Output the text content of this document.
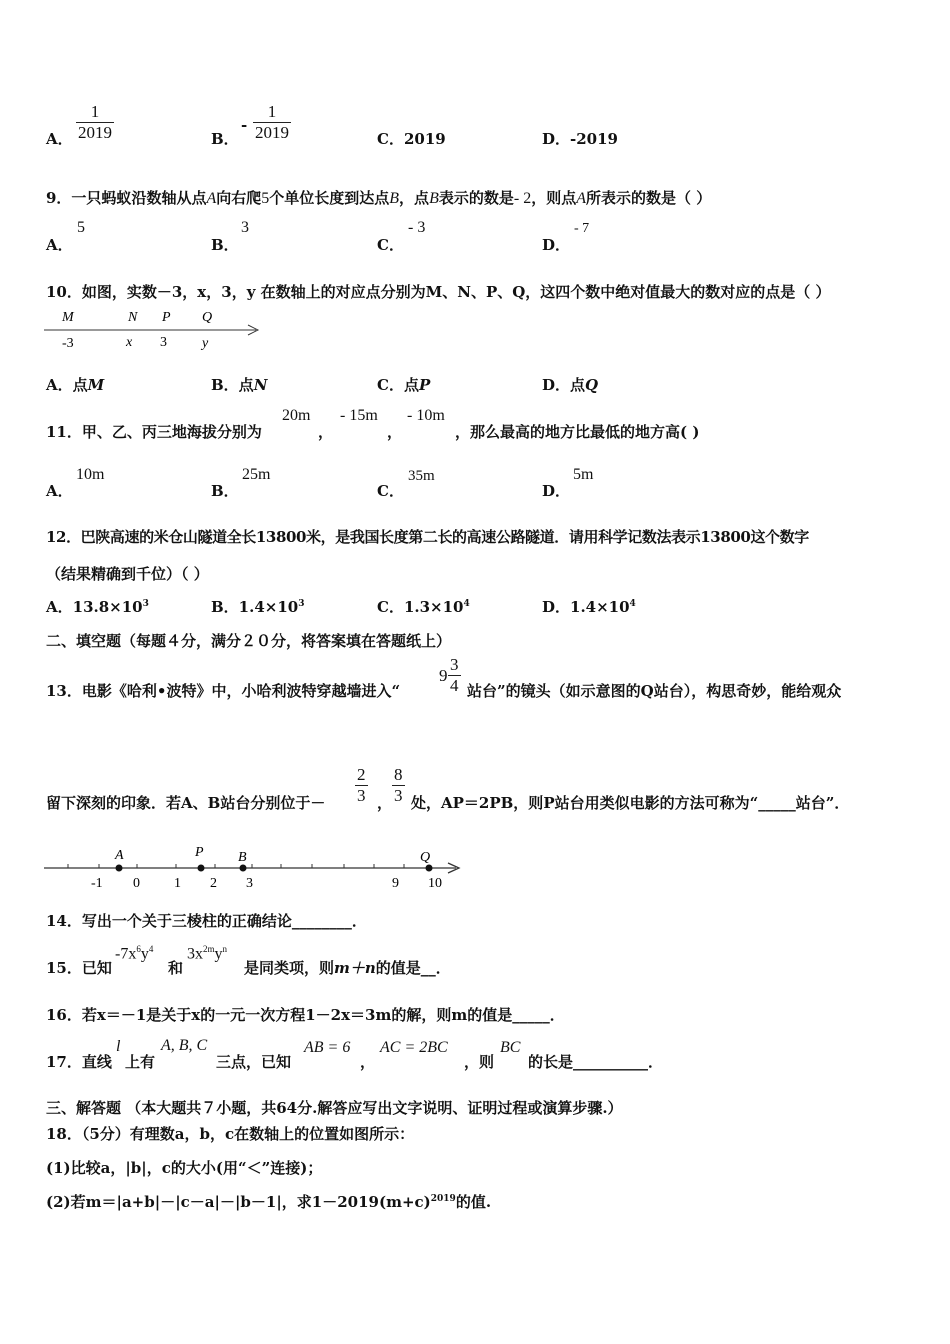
A． $\frac{1}{2019}$	B．
- $\frac{1}{2019}$	C．2019	D．-2019
9．一只蚂蚁沿数轴从点A向右爬5个单位长度到达点B，点B表示的数是- 2，则点A所表示的数是（ ）
A．
5
B．
3
C．
- 3
D．
- 7
10．如图，实数－3，x，3，y 在数轴上的对应点分别为M、N、P、Q，这四个数中绝对值最大的数对应的点是（ ）
M	N P Q
-3	x 3	y
A．点M	B．点N	C．点P	D．点Q
11．甲、乙、丙三地海拔分别为
20m
，
- 15m
，
- 10m
，那么最高的地方比最低的地方高( )
A．
10m
B．
25m
C．
35m
D．
5m
12．巴陕高速的米仓山隧道全长13800米，是我国长度第二长的高速公路隧道．请用科学记数法表示13800这个数字
（结果精确到千位）（ ）
A．$13.8\times 10^3$	B．$1.4\times 10^3$	C．$1.3\times 10^4$	D．$1.4\times 10^4$
二、填空题（每题４分，满分２０分，将答案填在答题纸上）
13．电影《哈利•波特》中，小哈利波特穿越墙进入“
$9 \frac{3}{4}$ 站台”的镜头（如示意图的Q站台），构思奇妙，能给观众
留下深刻的印象．若A、B站台分别位于－ $\frac{2}{3}$ ， $\frac{8}{3}$ 处，AP＝2PB，则P站台用类似电影的方法可称为“_____站台”．
A	P B	Q
-1 0 1 2 3	9 10
14．写出一个关于三棱柱的正确结论________．
15．已知
$-7x^6y^4$
和
$3x^{2m}y^n$
是同类项，则m＋n的值是__．
16．若x＝－1是关于x的一元一次方程1－2x＝3m的解，则m的值是_____．
17．直线
l
上有
A, B, C
三点，已知
AB = 6
，
AC = 2BC
，则
BC
的长是__________．
三、解答题 （本大题共７小题，共64分.解答应写出文字说明、证明过程或演算步骤.）
18．（5分）有理数a，b，c在数轴上的位置如图所示：
(1)比较a，|b|，c的大小(用“＜”连接)；
(2)若m＝|a+b|－|c－a|－|b－1|，求$1-2019(m+c)^{2019}$的值.
